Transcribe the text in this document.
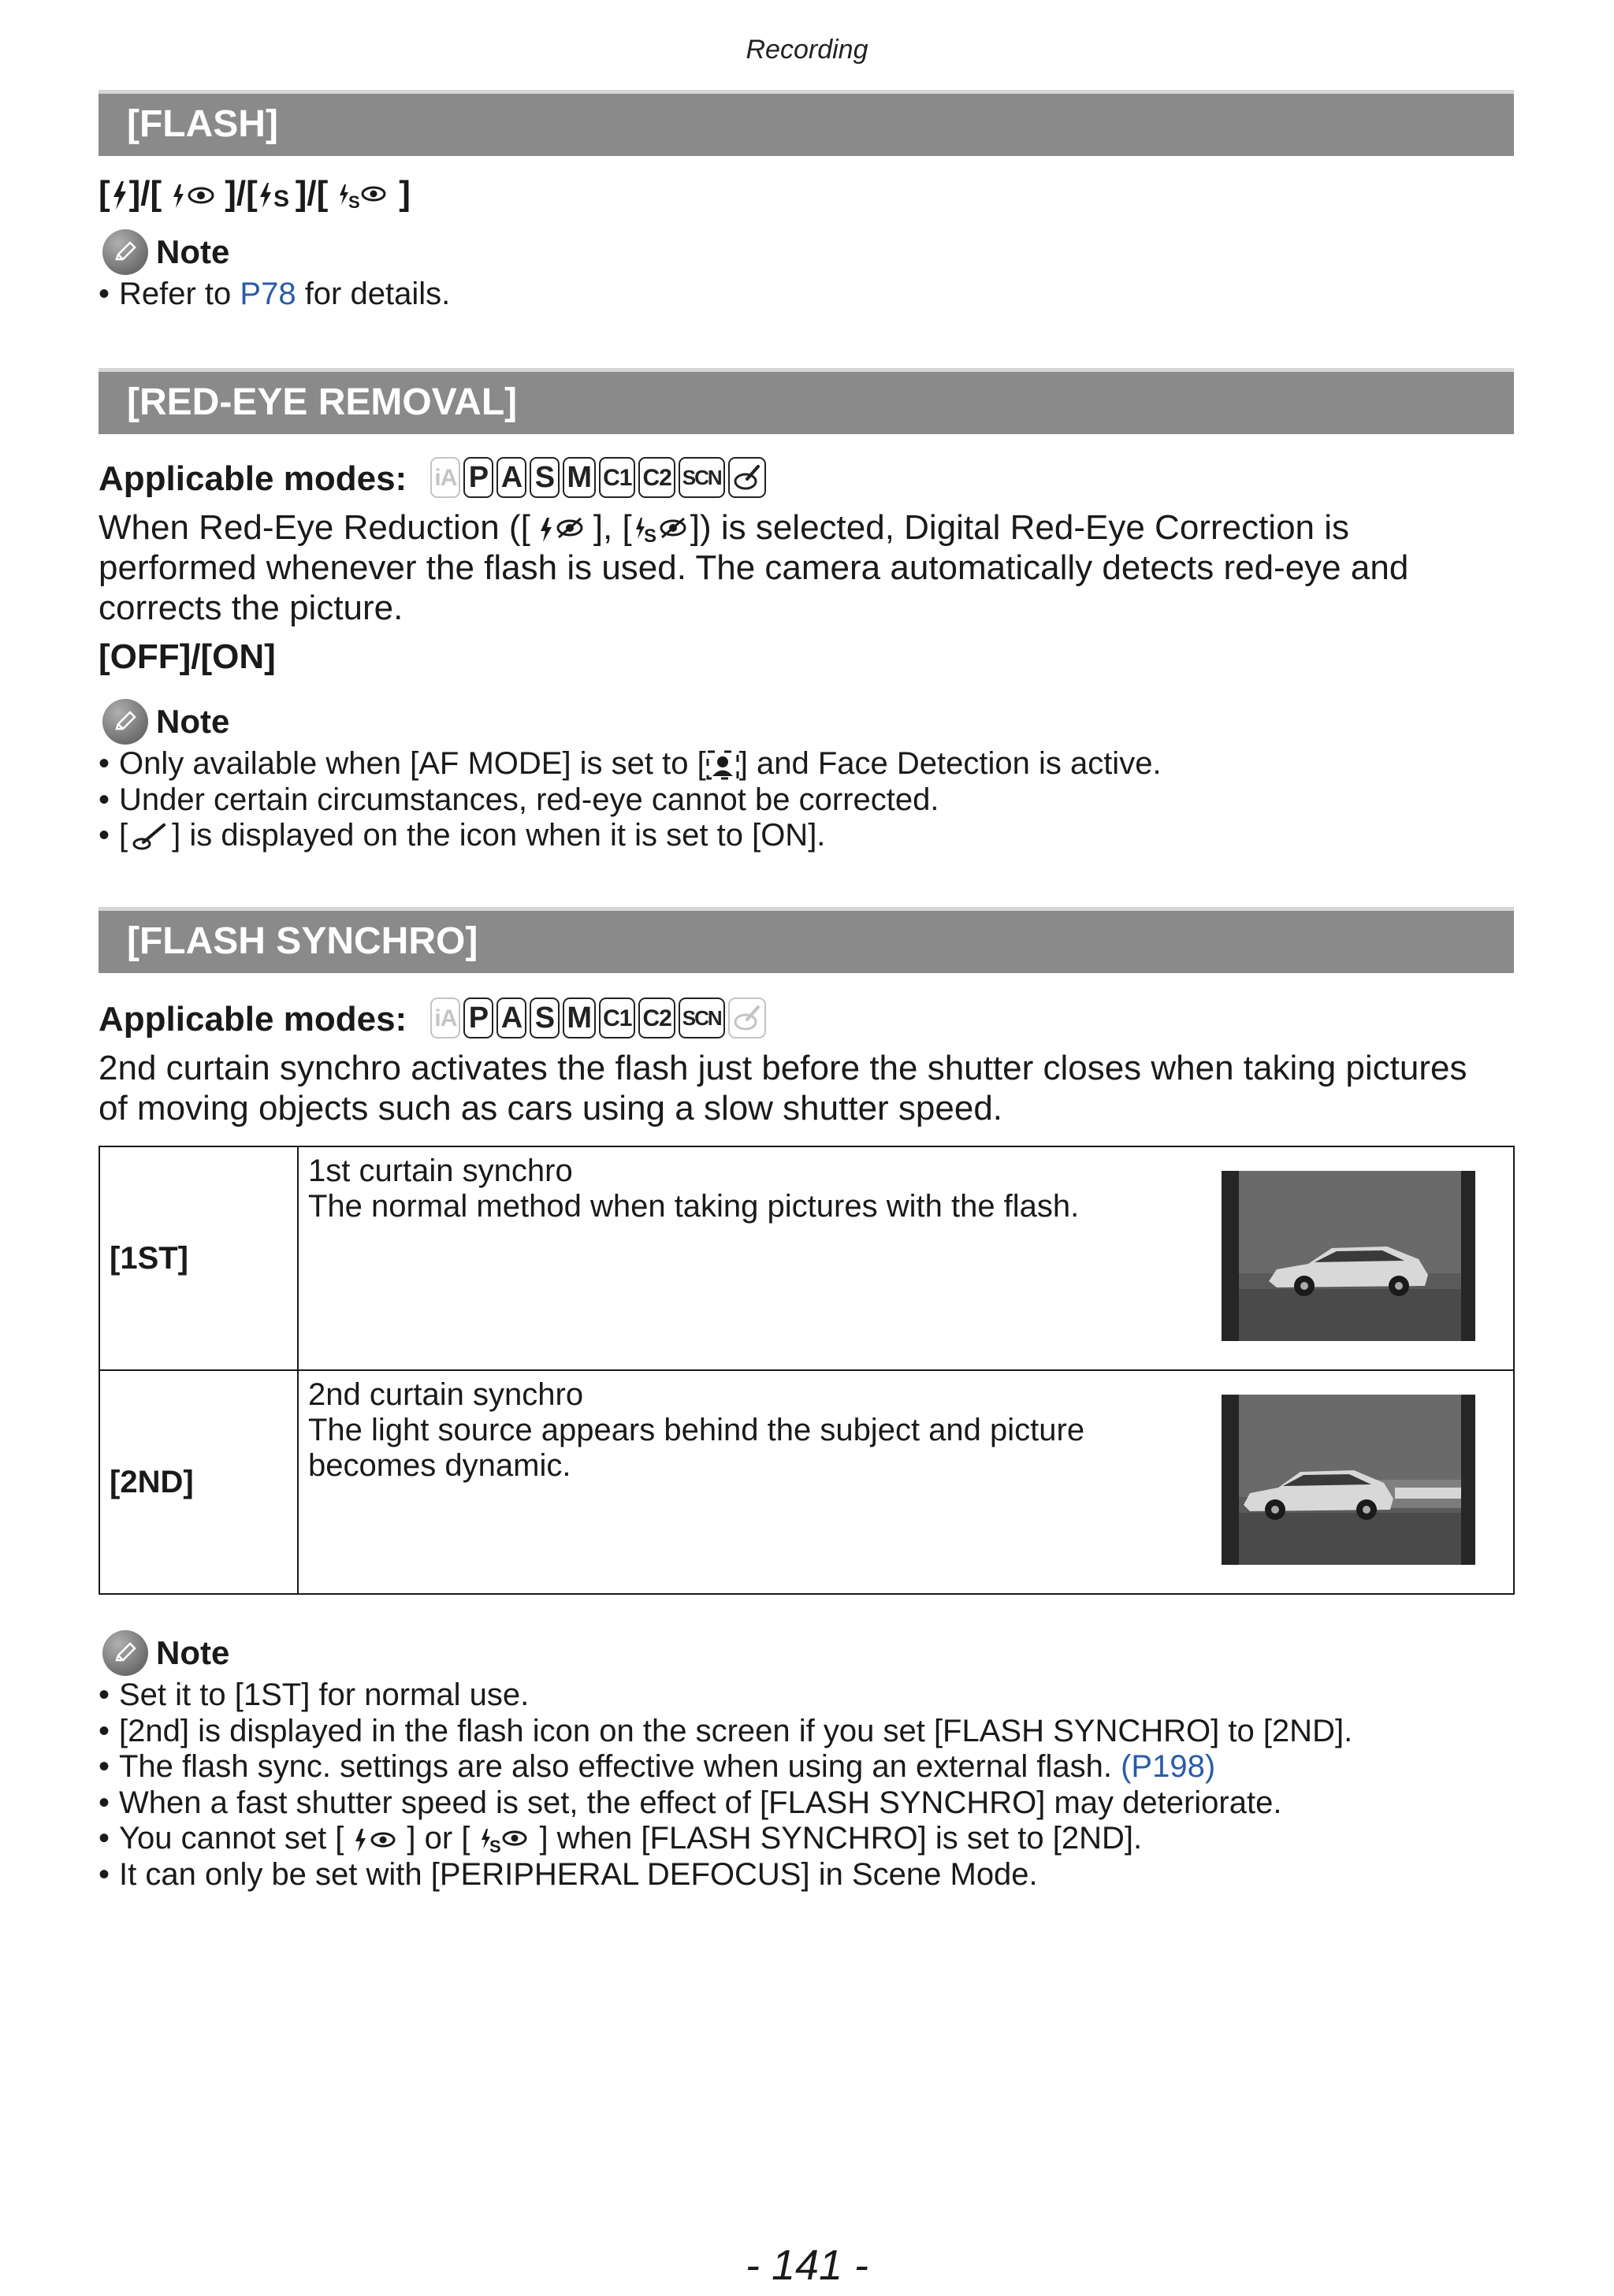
Recording
[FLASH]
[ ]/[ ]/[ S ]/[ S ]
Note
• Refer to P78 for details.
[RED-EYE REMOVAL]
Applicable modes: iA P A S M C1 C2 SCN
When Red-Eye Reduction ([ ], [ S ]) is selected, Digital Red-Eye Correction is
performed whenever the flash is used. The camera automatically detects red-eye and
corrects the picture.
[OFF]/[ON]
Note
• Only available when [AF MODE] is set to [ ] and Face Detection is active.
• Under certain circumstances, red-eye cannot be corrected.
• [ ] is displayed on the icon when it is set to [ON].
[FLASH SYNCHRO]
Applicable modes: iA P A S M C1 C2 SCN
2nd curtain synchro activates the flash just before the shutter closes when taking pictures
of moving objects such as cars using a slow shutter speed.
[1ST]	1st curtain synchro
The normal method when taking pictures with the flash.

[2ND]	2nd curtain synchro
The light source appears behind the subject and picture
becomes dynamic.
Note
• Set it to [1ST] for normal use.
• [2nd] is displayed in the flash icon on the screen if you set [FLASH SYNCHRO] to [2ND].
• The flash sync. settings are also effective when using an external flash. (P198)
• When a fast shutter speed is set, the effect of [FLASH SYNCHRO] may deteriorate.
• You cannot set [ ] or [ S ] when [FLASH SYNCHRO] is set to [2ND].
• It can only be set with [PERIPHERAL DEFOCUS] in Scene Mode.
- 141 -
